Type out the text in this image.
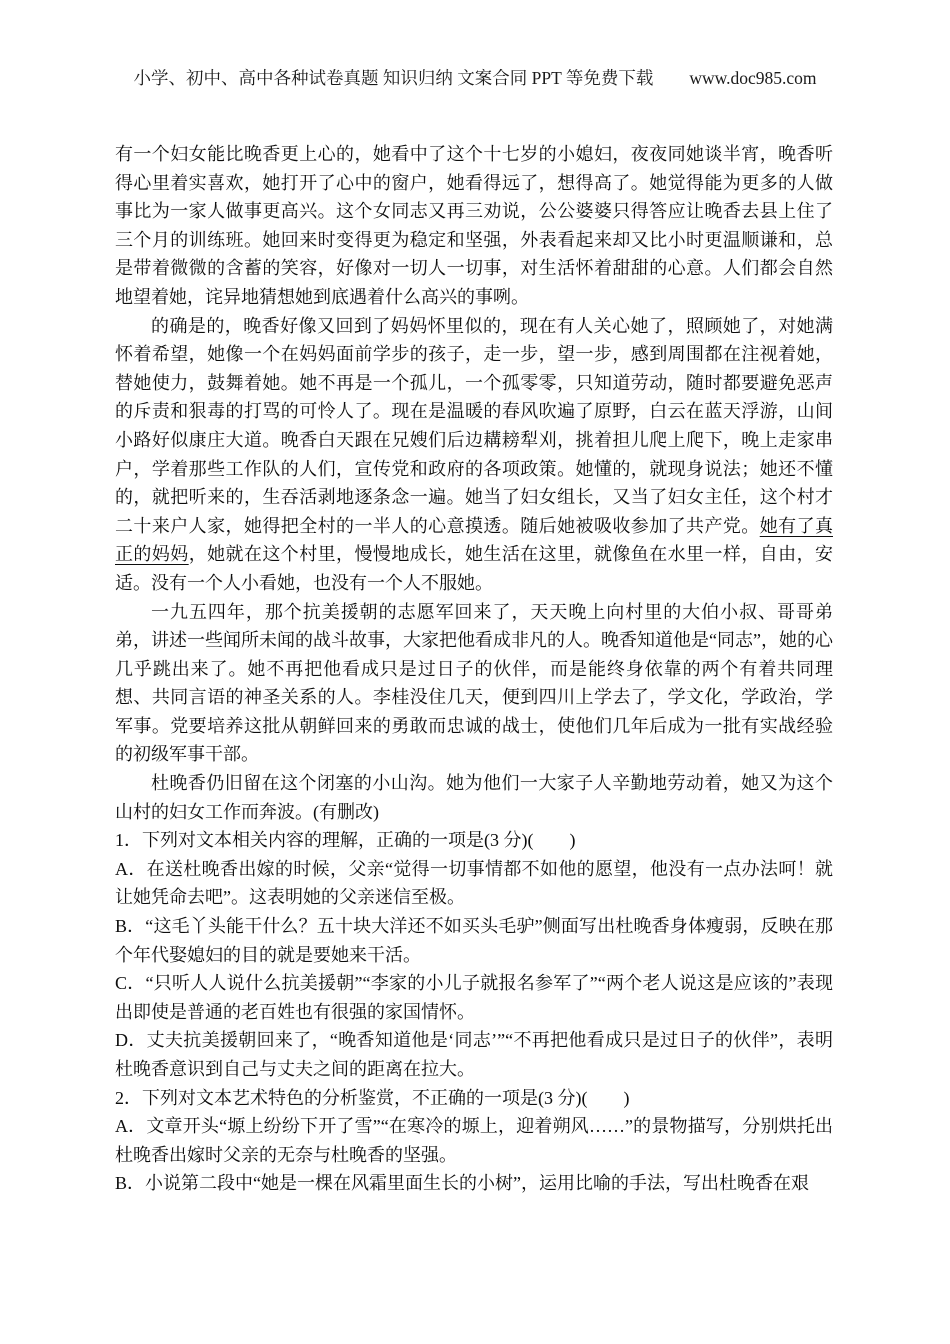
小学、初中、高中各种试卷真题 知识归纳 文案合同 PPT 等免费下载 www.doc985.com

有一个妇女能比晚香更上心的，她看中了这个十七岁的小媳妇，夜夜同她谈半宵，晚香听得心里着实喜欢，她打开了心中的窗户，她看得远了，想得高了。她觉得能为更多的人做事比为一家人做事更高兴。这个女同志又再三劝说，公公婆婆只得答应让晚香去县上住了三个月的训练班。她回来时变得更为稳定和坚强，外表看起来却又比小时更温顺谦和，总是带着微微的含蓄的笑容，好像对一切人一切事，对生活怀着甜甜的心意。人们都会自然地望着她，诧异地猜想她到底遇着什么高兴的事咧。

的确是的，晚香好像又回到了妈妈怀里似的，现在有人关心她了，照顾她了，对她满怀着希望，她像一个在妈妈面前学步的孩子，走一步，望一步，感到周围都在注视着她，替她使力，鼓舞着她。她不再是一个孤儿，一个孤零零，只知道劳动，随时都要避免恶声的斥责和狠毒的打骂的可怜人了。现在是温暖的春风吹遍了原野，白云在蓝天浮游，山间小路好似康庄大道。晚香白天跟在兄嫂们后边耩耪犁刈，挑着担儿爬上爬下，晚上走家串户，学着那些工作队的人们，宣传党和政府的各项政策。她懂的，就现身说法；她还不懂的，就把听来的，生吞活剥地逐条念一遍。她当了妇女组长，又当了妇女主任，这个村才二十来户人家，她得把全村的一半人的心意摸透。随后她被吸收参加了共产党。她有了真正的妈妈，她就在这个村里，慢慢地成长，她生活在这里，就像鱼在水里一样，自由，安适。没有一个人小看她，也没有一个人不服她。

一九五四年，那个抗美援朝的志愿军回来了，天天晚上向村里的大伯小叔、哥哥弟弟，讲述一些闻所未闻的战斗故事，大家把他看成非凡的人。晚香知道他是“同志”，她的心几乎跳出来了。她不再把他看成只是过日子的伙伴，而是能终身依靠的两个有着共同理想、共同言语的神圣关系的人。李桂没住几天，便到四川上学去了，学文化，学政治，学军事。党要培养这批从朝鲜回来的勇敢而忠诚的战士，使他们几年后成为一批有实战经验的初级军事干部。

杜晚香仍旧留在这个闭塞的小山沟。她为他们一大家子人辛勤地劳动着，她又为这个山村的妇女工作而奔波。(有删改)

1．下列对文本相关内容的理解，正确的一项是(3 分)(　　)

A．在送杜晚香出嫁的时候，父亲“觉得一切事情都不如他的愿望，他没有一点办法呵！就让她凭命去吧”。这表明她的父亲迷信至极。

B．“这毛丫头能干什么？五十块大洋还不如买头毛驴”侧面写出杜晚香身体瘦弱，反映在那个年代娶媳妇的目的就是要她来干活。

C．“只听人人说什么抗美援朝”“李家的小儿子就报名参军了”“两个老人说这是应该的”表现出即使是普通的老百姓也有很强的家国情怀。

D．丈夫抗美援朝回来了，“晚香知道他是‘同志’”“不再把他看成只是过日子的伙伴”，表明杜晚香意识到自己与丈夫之间的距离在拉大。

2．下列对文本艺术特色的分析鉴赏，不正确的一项是(3 分)(　　)

A．文章开头“塬上纷纷下开了雪”“在寒冷的塬上，迎着朔风……”的景物描写，分别烘托出杜晚香出嫁时父亲的无奈与杜晚香的坚强。

B．小说第二段中“她是一棵在风霜里面生长的小树”，运用比喻的手法，写出杜晚香在艰
